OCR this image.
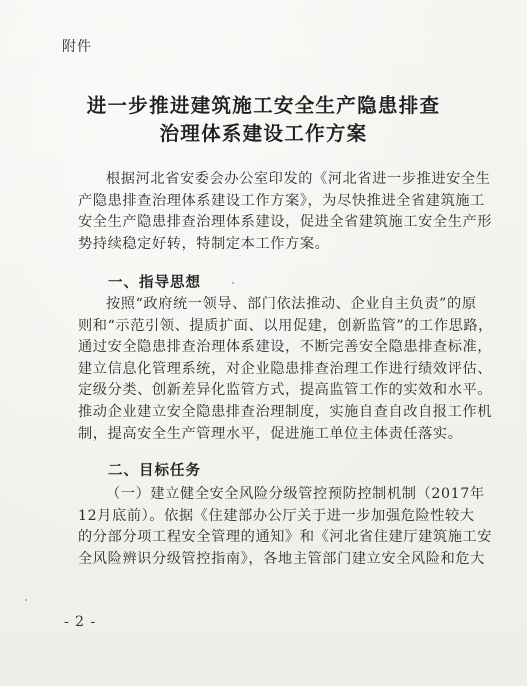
附件
进一步推进建筑施工安全生产隐患排查
治理体系建设工作方案
根据河北省安委会办公室印发的《河北省进一步推进安全生
产隐患排查治理体系建设工作方案》，为尽快推进全省建筑施工
安全生产隐患排查治理体系建设，促进全省建筑施工安全生产形
势持续稳定好转，特制定本工作方案。
一、指导思想
按照“政府统一领导、部门依法推动、企业自主负责”的原
则和“示范引领、提质扩面、以用促建，创新监管”的工作思路，
通过安全隐患排查治理体系建设，不断完善安全隐患排查标准，
建立信息化管理系统，对企业隐患排查治理工作进行绩效评估、
定级分类、创新差异化监管方式，提高监管工作的实效和水平。
推动企业建立安全隐患排查治理制度，实施自查自改自报工作机
制，提高安全生产管理水平，促进施工单位主体责任落实。
二、目标任务
（一）建立健全安全风险分级管控预防控制机制（2017年
12月底前）。依据《住建部办公厅关于进一步加强危险性较大
的分部分项工程安全管理的通知》和《河北省住建厅建筑施工安
全风险辨识分级管控指南》，各地主管部门建立安全风险和危大
- 2 -
